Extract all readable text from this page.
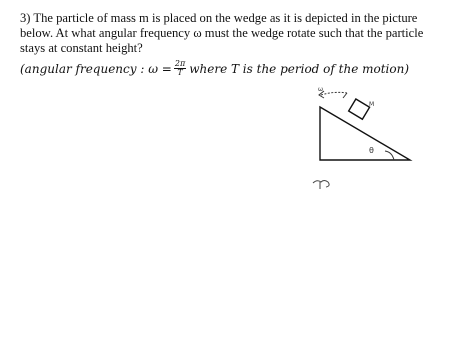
3) The particle of mass m is placed on the wedge as it is depicted in the picture
below. At what angular frequency ω must the wedge rotate such that the particle
stays at constant height?
(angular frequency : $\omega = \frac{2\pi}{T}$ where T is the period of the motion)
M
θ
ω
